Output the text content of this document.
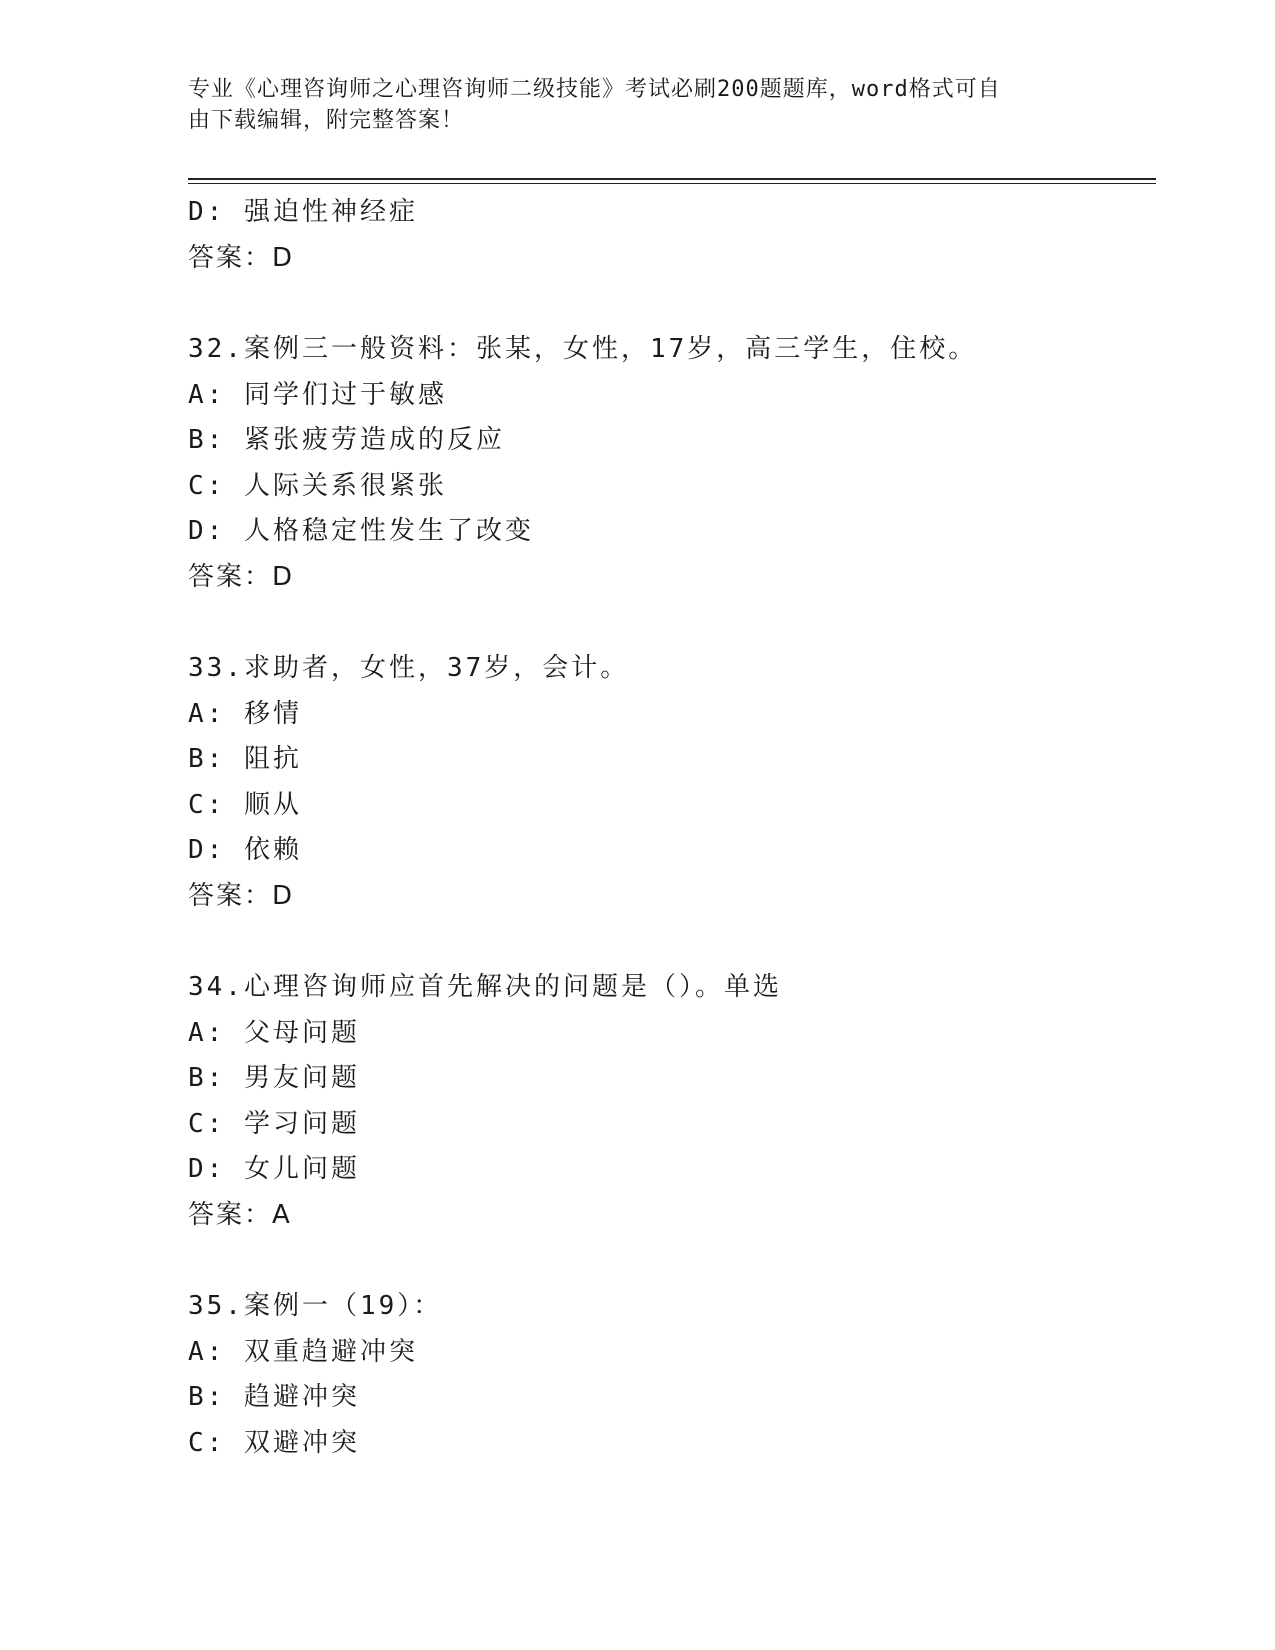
专业《心理咨询师之心理咨询师二级技能》考试必刷200题题库，word格式可自
由下载编辑，附完整答案！
D: 强迫性神经症
答案：D
32.案例三一般资料：张某，女性，17岁，高三学生，住校。
A: 同学们过于敏感
B: 紧张疲劳造成的反应
C: 人际关系很紧张
D: 人格稳定性发生了改变
答案：D
33.求助者，女性，37岁，会计。
A: 移情
B: 阻抗
C: 顺从
D: 依赖
答案：D
34.心理咨询师应首先解决的问题是（）。单选
A: 父母问题
B: 男友问题
C: 学习问题
D: 女儿问题
答案：A
35.案例一（19）：
A: 双重趋避冲突
B: 趋避冲突
C: 双避冲突
